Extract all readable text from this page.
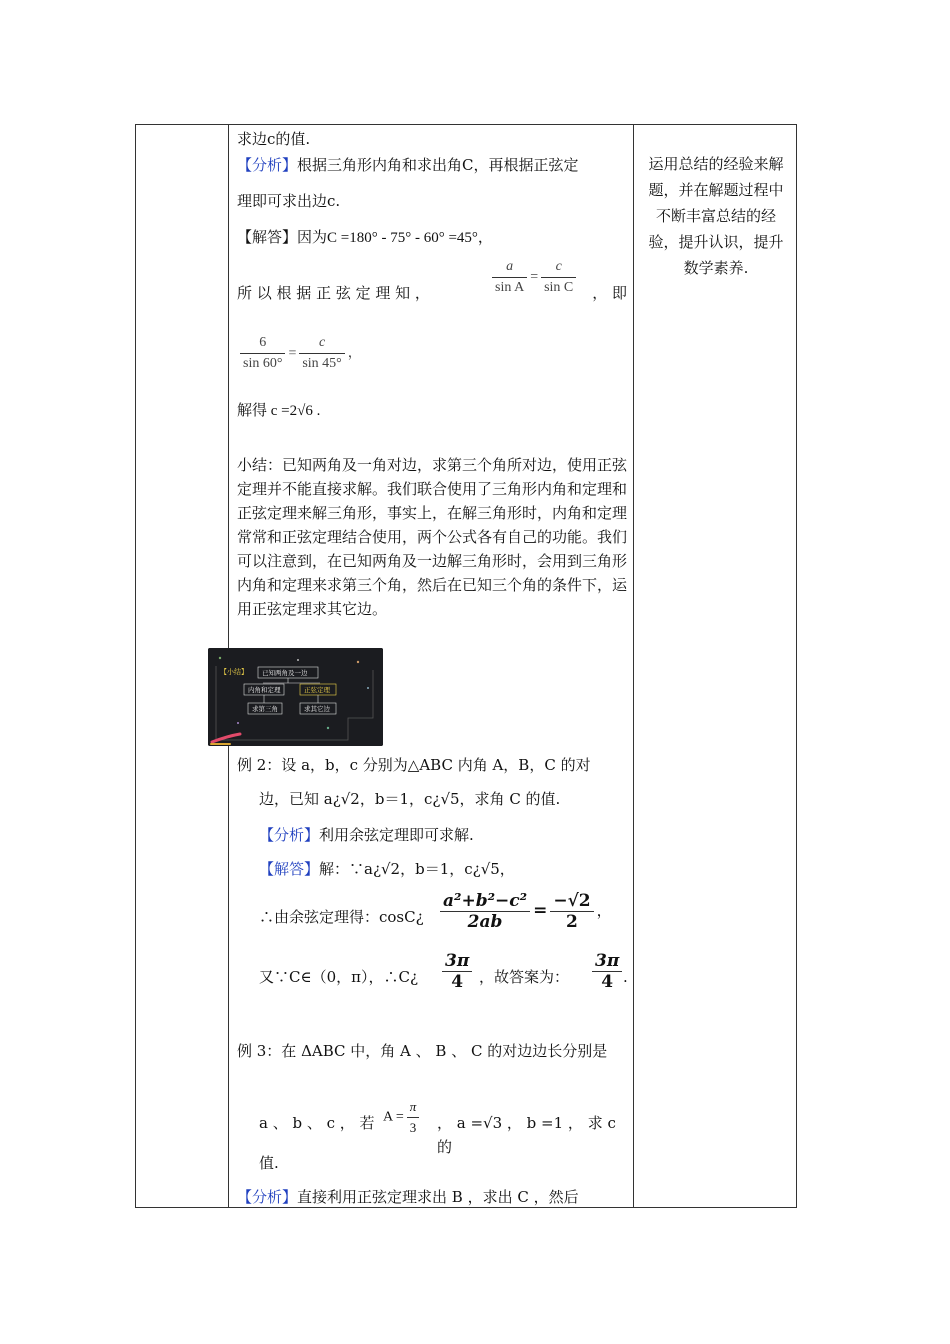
求边c的值.
【分析】根据三角形内角和求出角C，再根据正弦定
理即可求出边c.
【解答】因为C =180° - 75° - 60° =45°，
所 以 根 据 正 弦 定 理 知 ，	$\frac{a}{\text{sin A}} = \frac{c}{\text{sin C}}$ ， 即
$\frac{6}{\sin 60^\circ} = \frac{c}{\sin 45^\circ}$ ，
解得 c =2√6 .
小结：已知两角及一角对边，求第三个角所对边，使用正弦定理并不能直接求解。我们联合使用了三角形内角和定理和正弦定理来解三角形，事实上，在解三角形时，内角和定理常常和正弦定理结合使用，两个公式各有自己的功能。我们可以注意到，在已知两角及一边解三角形时，会用到三角形内角和定理来求第三个角，然后在已知三个角的条件下，运用正弦定理求其它边。
例 2：设 a，b，c 分别为△ABC 内角 A，B，C 的对
边，已知 a¿√2，b＝1，c¿√5，求角 C 的值.
【分析】利用余弦定理即可求解.
【解答】解：∵a¿√2，b＝1，c¿√5，
∴由余弦定理得：cosC¿ $\frac{\text{a²+b²−c²}}{2ab} = \frac{-√2}{2}$ ，
又∵C∈（0，π），∴C¿ $\frac{3\pi}{4}$ ，故答案为： $\frac{3\pi}{4}$ .
例 3：在 ΔABC 中，角 A 、 B 、 C 的对边边长分别是
a 、 b 、 c ， 若 $A = \frac{\pi}{3}$ ， a =√3 ， b =1 ， 求 c 的
值.
【分析】直接利用正弦定理求出 B ，求出 C ，然后
运用总结的经验来解题，并在解题过程中不断丰富总结的经验，提升认识，提升数学素养.
【小结】 已知两角及一边
内角和定理	正弦定理
求第三角	求其它边
